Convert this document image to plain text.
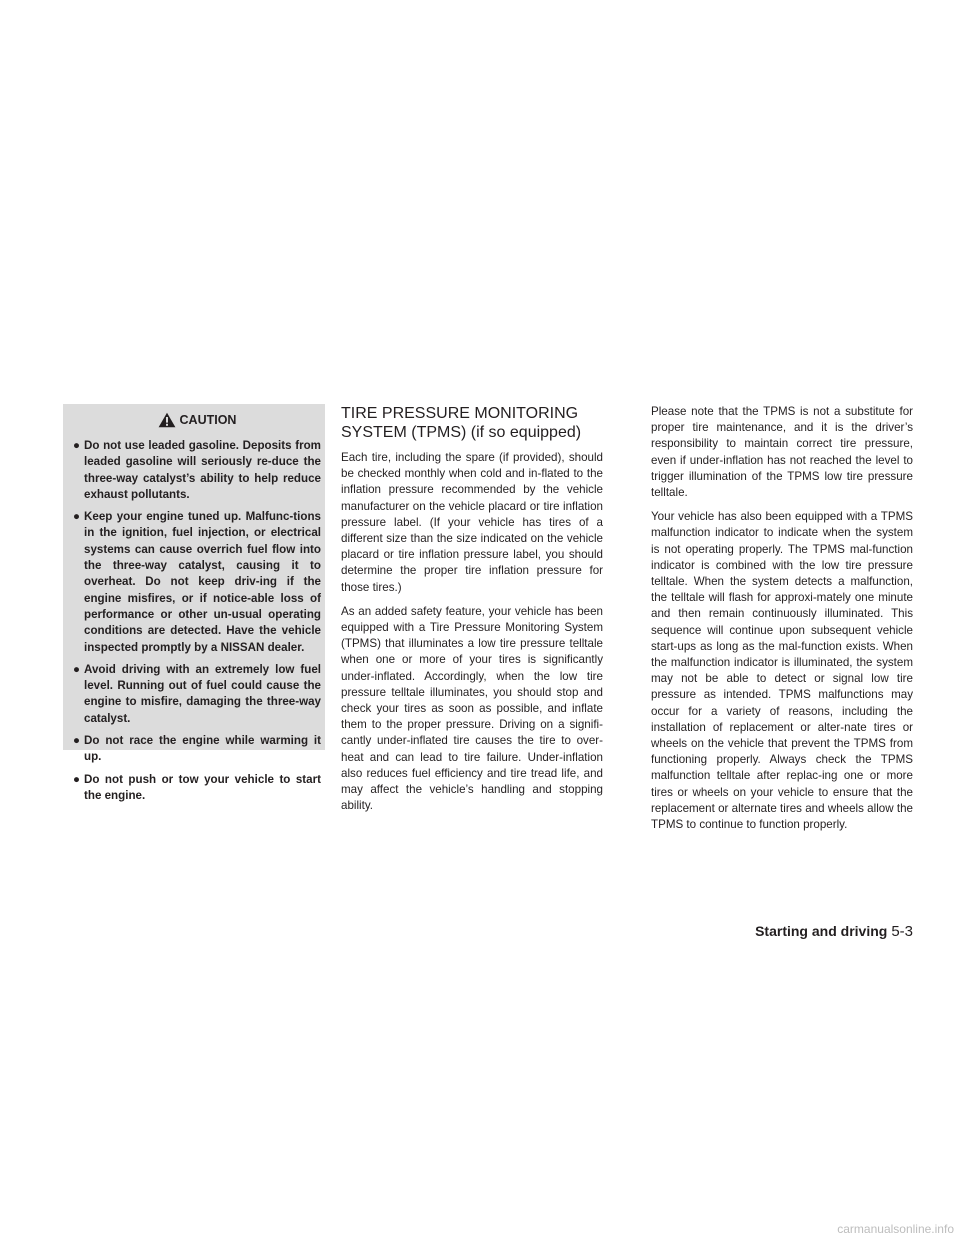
CAUTION
● Do not use leaded gasoline. Deposits from leaded gasoline will seriously re-duce the three-way catalyst’s ability to help reduce exhaust pollutants.
● Keep your engine tuned up. Malfunc-tions in the ignition, fuel injection, or electrical systems can cause overrich fuel flow into the three-way catalyst, causing it to overheat. Do not keep driv-ing if the engine misfires, or if notice-able loss of performance or other un-usual operating conditions are detected. Have the vehicle inspected promptly by a NISSAN dealer.
● Avoid driving with an extremely low fuel level. Running out of fuel could cause the engine to misfire, damaging the three-way catalyst.
● Do not race the engine while warming it up.
● Do not push or tow your vehicle to start the engine.
TIRE PRESSURE MONITORING
SYSTEM (TPMS) (if so equipped)

Each tire, including the spare (if provided), should be checked monthly when cold and in-flated to the inflation pressure recommended by the vehicle manufacturer on the vehicle placard or tire inflation pressure label. (If your vehicle has tires of a different size than the size indicated on the vehicle placard or tire inflation pressure label, you should determine the proper tire inflation pressure for those tires.)

As an added safety feature, your vehicle has been equipped with a Tire Pressure Monitoring System (TPMS) that illuminates a low tire pressure telltale when one or more of your tires is significantly under-inflated. Accordingly, when the low tire pressure telltale illuminates, you should stop and check your tires as soon as possible, and inflate them to the proper pressure. Driving on a signifi-cantly under-inflated tire causes the tire to over-heat and can lead to tire failure. Under-inflation also reduces fuel efficiency and tire tread life, and may affect the vehicle’s handling and stopping ability.

Please note that the TPMS is not a substitute for proper tire maintenance, and it is the driver’s responsibility to maintain correct tire pressure, even if under-inflation has not reached the level to trigger illumination of the TPMS low tire pressure telltale.

Your vehicle has also been equipped with a TPMS malfunction indicator to indicate when the system is not operating properly. The TPMS mal-function indicator is combined with the low tire pressure telltale. When the system detects a malfunction, the telltale will flash for approxi-mately one minute and then remain continuously illuminated. This sequence will continue upon subsequent vehicle start-ups as long as the mal-function exists. When the malfunction indicator is illuminated, the system may not be able to detect or signal low tire pressure as intended. TPMS malfunctions may occur for a variety of reasons, including the installation of replacement or alter-nate tires or wheels on the vehicle that prevent the TPMS from functioning properly. Always check the TPMS malfunction telltale after replac-ing one or more tires or wheels on your vehicle to ensure that the replacement or alternate tires and wheels allow the TPMS to continue to function properly.

Starting and driving 5-3
carmanualsonline.info
